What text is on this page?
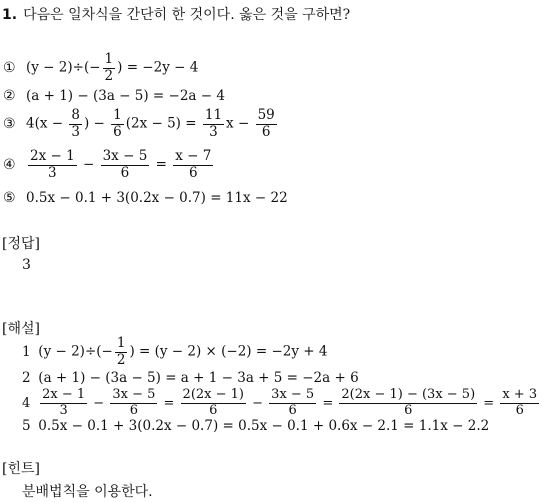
1. 다음은 일차식을 간단히 한 것이다. 옳은 것을 구하면?
① $(y - 2)\div(- \frac{1}{2}$ ) = −2y − 4
② (a + 1) − (3a − 5) = −2a − 4
③ $4(x - \frac{8}{3}$ ) − $\frac{1}{6} (2x - 5) = \frac{11}{3}$ $x - \frac{59}{6}$
④ $\frac{2x - 1}{3} - \frac{3x - 5}{6} = \frac{x - 7}{6}$
⑤ 0.5x − 0.1 + 3(0.2x − 0.7) = 11x − 22
[정답]
3
[해설]
1 $(y - 2)\div(- \frac{1}{2}$ ) = (y − 2) × (−2) = −2y + 4
2 (a + 1) − (3a − 5) = a + 1 − 3a + 5 = −2a + 6
$4 \frac{2x - 1}{3} - \frac{3x - 5}{6} = \frac{2(2x - 1)}{6} - \frac{3x - 5}{6} = \frac{2(2x - 1) - (3x - 5)}{6} = \frac{x + 3}{6}$
5 0.5x − 0.1 + 3(0.2x − 0.7) = 0.5x − 0.1 + 0.6x − 2.1 = 1.1x − 2.2
[힌트]
분배법칙을 이용한다.
